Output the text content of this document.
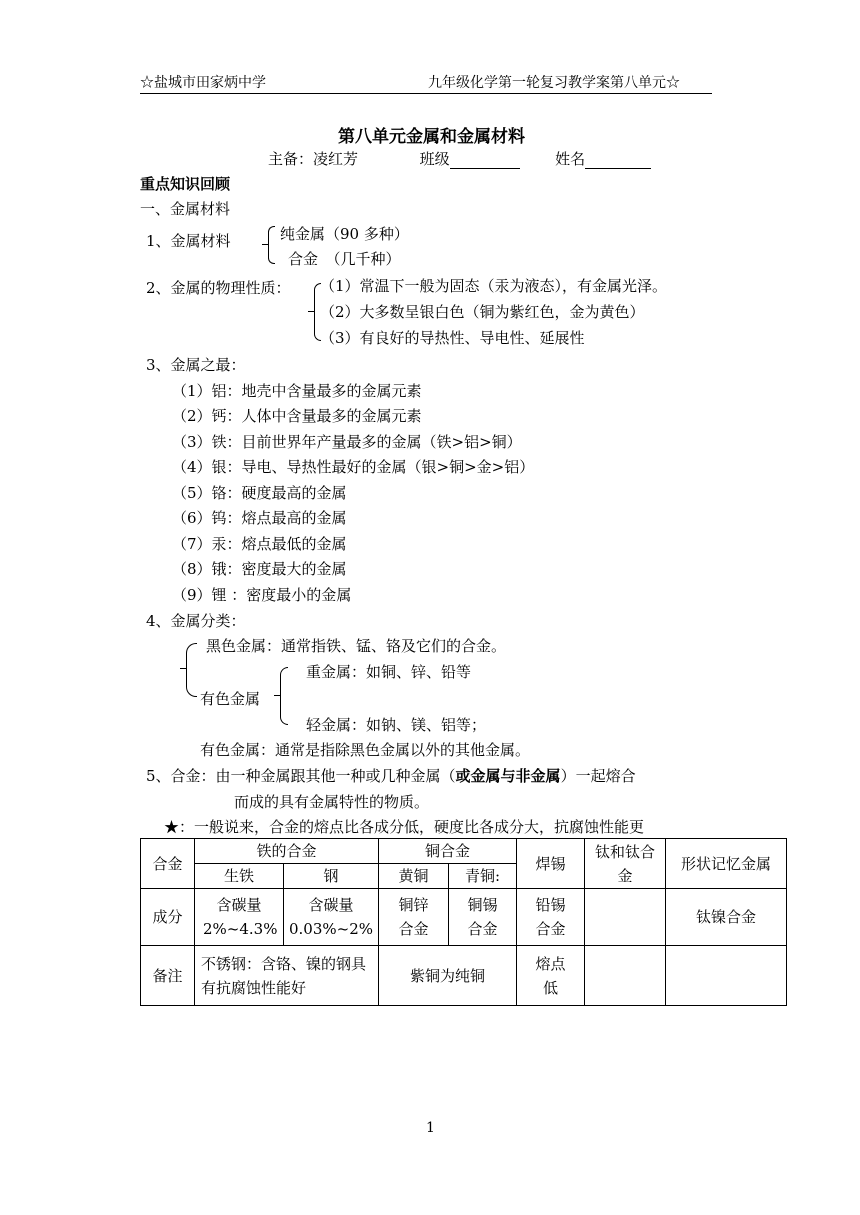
☆盐城市田家炳中学	九年级化学第一轮复习教学案第八单元☆
第八单元金属和金属材料
主备：凌红芳	班级	姓名
重点知识回顾
一、金属材料
1、金属材料	纯金属（90 多种）
合金　（几千种）
2、金属的物理性质： （1）常温下一般为固态（汞为液态），有金属光泽。
（2）大多数呈银白色（铜为紫红色，金为黄色）
（3）有良好的导热性、导电性、延展性
3、金属之最：
（1）铝：地壳中含量最多的金属元素
（2）钙：人体中含量最多的金属元素
（3）铁：目前世界年产量最多的金属（铁>铝>铜）
（4）银：导电、导热性最好的金属（银>铜>金>铝）
（5）铬：硬度最高的金属
（6）钨：熔点最高的金属
（7）汞：熔点最低的金属
（8）锇：密度最大的金属
（9）锂 ：密度最小的金属
4、金属分类：
黑色金属：通常指铁、锰、铬及它们的合金。
有色金属
重金属：如铜、锌、铅等
轻金属：如钠、镁、铝等；
有色金属：通常是指除黑色金属以外的其他金属。
5、合金：由一种金属跟其他一种或几种金属（或金属与非金属）一起熔合
而成的具有金属特性的物质。
★：一般说来，合金的熔点比各成分低，硬度比各成分大，抗腐蚀性能更
合金	铁的合金		铜合金		焊锡	钛和钛合金	形状记忆金属
	生铁	钢	黄铜	青铜:			
成分	含碳量2%~4.3%	含碳量0.03%~2%	铜锌合金	铜锡合金	铅锡合金		钛镍合金
备注	不锈钢：含铬、镍的钢具有抗腐蚀性能好		紫铜为纯铜		熔点低		
1
